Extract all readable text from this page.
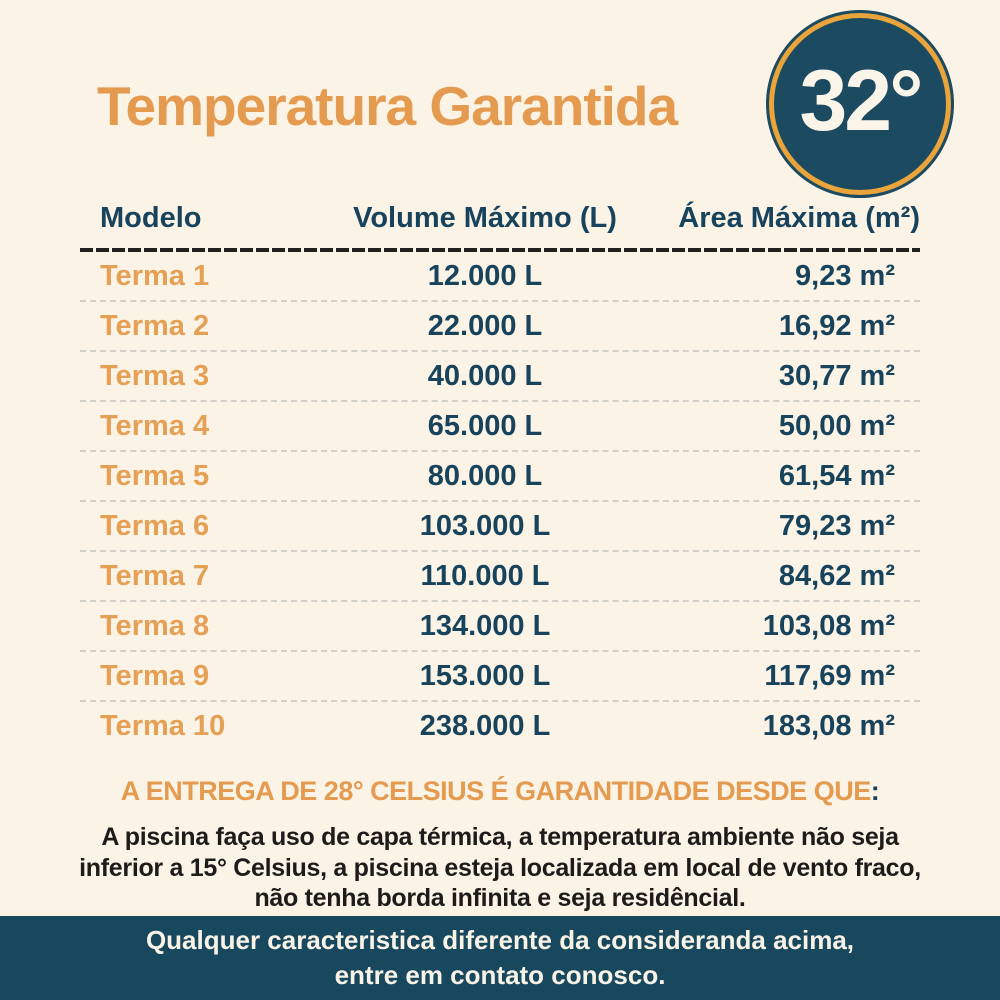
Temperatura Garantida 32°
Modelo	Volume Máximo (L)	Área Máxima (m²)
Terma 1	12.000 L	9,23 m²
Terma 2	22.000 L	16,92 m²
Terma 3	40.000 L	30,77 m²
Terma 4	65.000 L	50,00 m²
Terma 5	80.000 L	61,54 m²
Terma 6	103.000 L	79,23 m²
Terma 7	110.000 L	84,62 m²
Terma 8	134.000 L	103,08 m²
Terma 9	153.000 L	117,69 m²
Terma 10	238.000 L	183,08 m²
A ENTREGA DE 28° CELSIUS É GARANTIDADE DESDE QUE:
A piscina faça uso de capa térmica, a temperatura ambiente não seja inferior a 15° Celsius, a piscina esteja localizada em local de vento fraco, não tenha borda infinita e seja residêncial.
Qualquer caracteristica diferente da consideranda acima,
entre em contato conosco.
